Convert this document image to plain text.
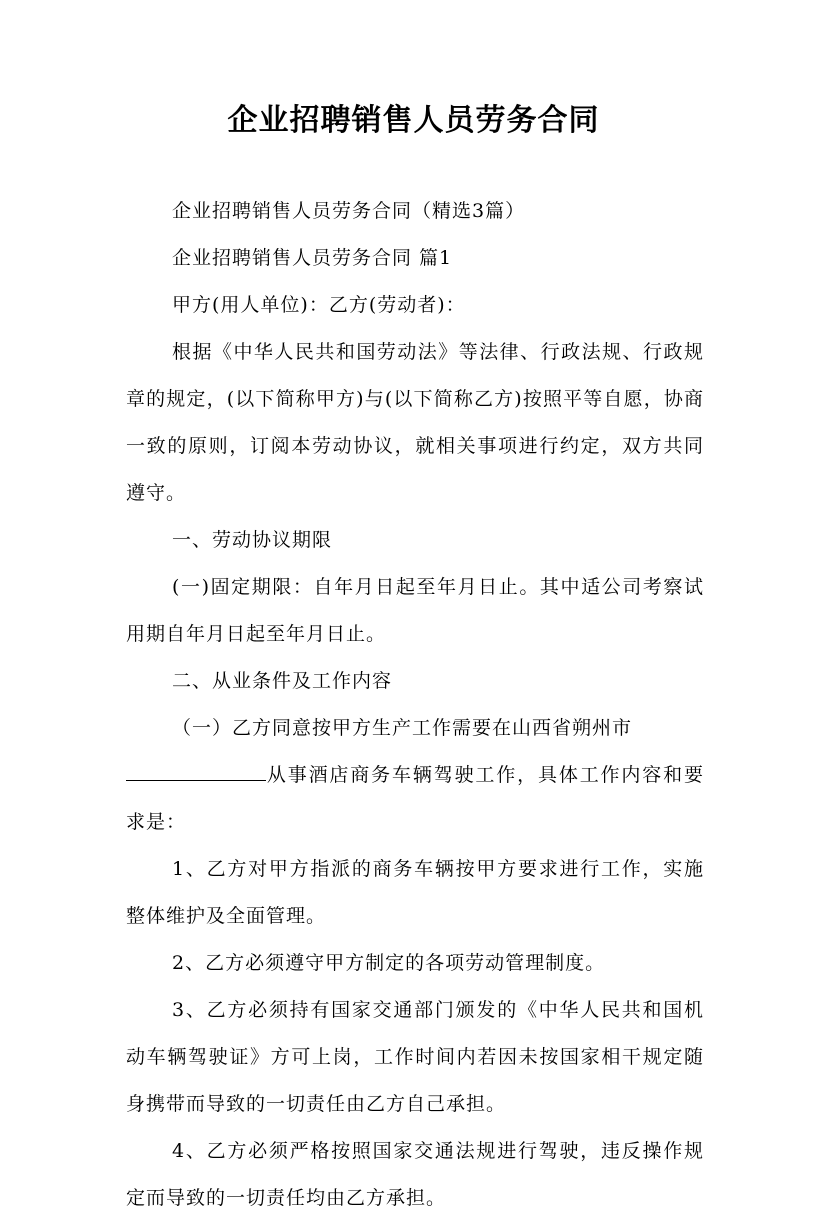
企业招聘销售人员劳务合同

企业招聘销售人员劳务合同（精选3篇）

企业招聘销售人员劳务合同 篇1

甲方(用人单位)：乙方(劳动者)：

根据《中华人民共和国劳动法》等法律、行政法规、行政规章的规定，(以下简称甲方)与(以下简称乙方)按照平等自愿，协商一致的原则，订阅本劳动协议，就相关事项进行约定，双方共同遵守。

一、劳动协议期限

(一)固定期限：自年月日起至年月日止。其中适公司考察试用期自年月日起至年月日止。

二、从业条件及工作内容

（一）乙方同意按甲方生产工作需要在山西省朔州市

从事酒店商务车辆驾驶工作，具体工作内容和要求是：

1、乙方对甲方指派的商务车辆按甲方要求进行工作，实施整体维护及全面管理。

2、乙方必须遵守甲方制定的各项劳动管理制度。

3、乙方必须持有国家交通部门颁发的《中华人民共和国机动车辆驾驶证》方可上岗，工作时间内若因未按国家相干规定随身携带而导致的一切责任由乙方自己承担。

4、乙方必须严格按照国家交通法规进行驾驶，违反操作规定而导致的一切责任均由乙方承担。
